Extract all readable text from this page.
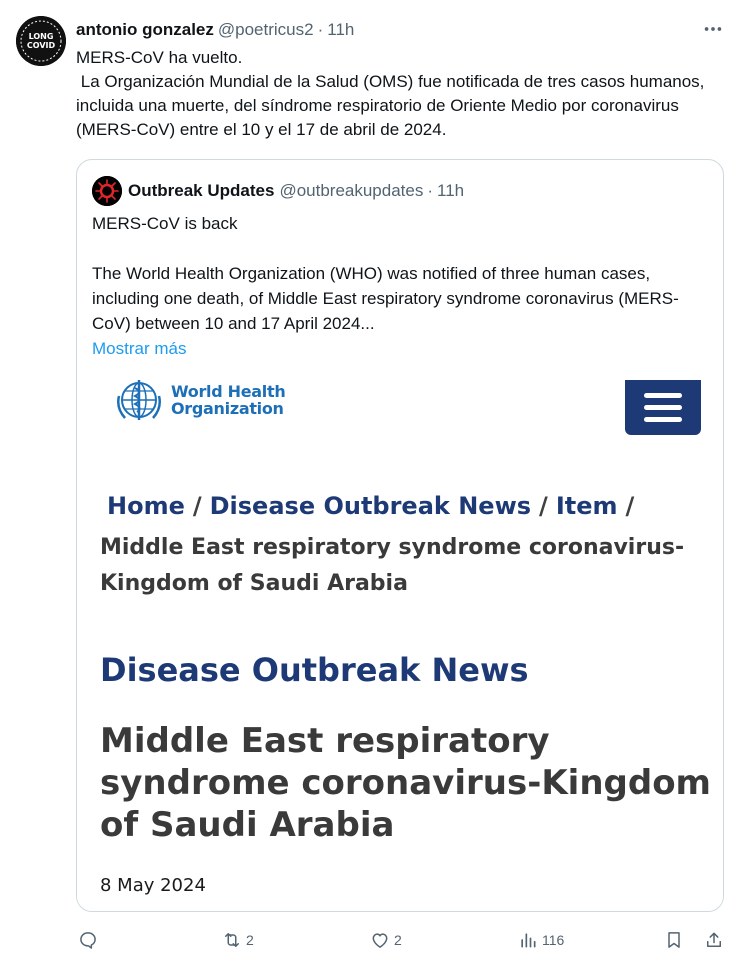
LONG
COVID
antonio gonzalez @poetricus2 · 11h
MERS-CoV ha vuelto.
La Organización Mundial de la Salud (OMS) fue notificada de tres casos humanos, incluida una muerte, del síndrome respiratorio de Oriente Medio por coronavirus (MERS-CoV) entre el 10 y el 17 de abril de 2024.
Outbreak Updates @outbreakupdates · 11h
MERS-CoV is back

The World Health Organization (WHO) was notified of three human cases, including one death, of Middle East respiratory syndrome coronavirus (MERS-CoV) between 10 and 17 April 2024...
Mostrar más
World Health
Organization
Home / Disease Outbreak News / Item /
Middle East respiratory syndrome coronavirus-Kingdom of Saudi Arabia
Disease Outbreak News
Middle East respiratory syndrome coronavirus-Kingdom of Saudi Arabia
8 May 2024
2	2	116
